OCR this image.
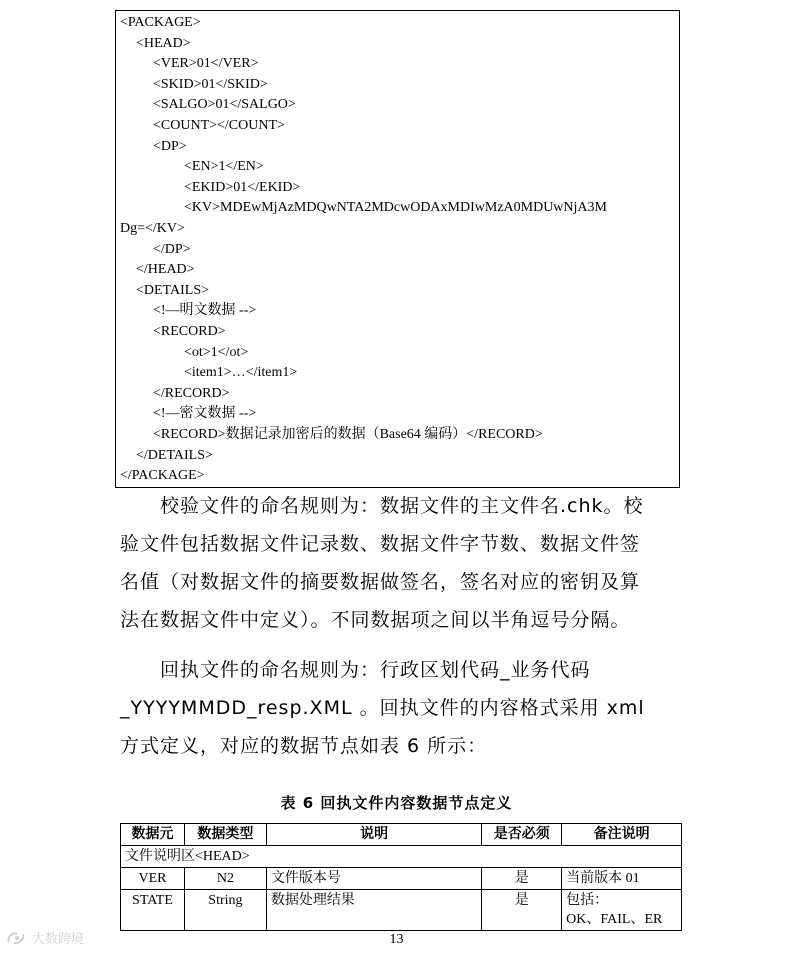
<PACKAGE>
<HEAD>
<VER>01</VER>
<SKID>01</SKID>
<SALGO>01</SALGO>
<COUNT></COUNT>
<DP>
<EN>1</EN>
<EKID>01</EKID>
<KV>MDEwMjAzMDQwNTA2MDcwODAxMDIwMzA0MDUwNjA3M
Dg=</KV>
</DP>
</HEAD>
<DETAILS>
<!—明文数据 -->
<RECORD>
<ot>1</ot>
<item1>…</item1>
</RECORD>
<!—密文数据 -->
<RECORD>数据记录加密后的数据（Base64 编码）</RECORD>
</DETAILS>
</PACKAGE>
　　校验文件的命名规则为：数据文件的主文件名.chk。校
验文件包括数据文件记录数、数据文件字节数、数据文件签
名值（对数据文件的摘要数据做签名，签名对应的密钥及算
法在数据文件中定义）。不同数据项之间以半角逗号分隔。
　　回执文件的命名规则为：行政区划代码_业务代码
_YYYYMMDD_resp.XML 。回执文件的内容格式采用 xml
方式定义，对应的数据节点如表 6 所示：
表 6 回执文件内容数据节点定义
数据元	数据类型	说明	是否必须	备注说明
文件说明区<HEAD>				
VER	N2	文件版本号	是	当前版本 01
STATE	String	数据处理结果	是	包括：
OK、FAIL、ER
13
大数跨境
